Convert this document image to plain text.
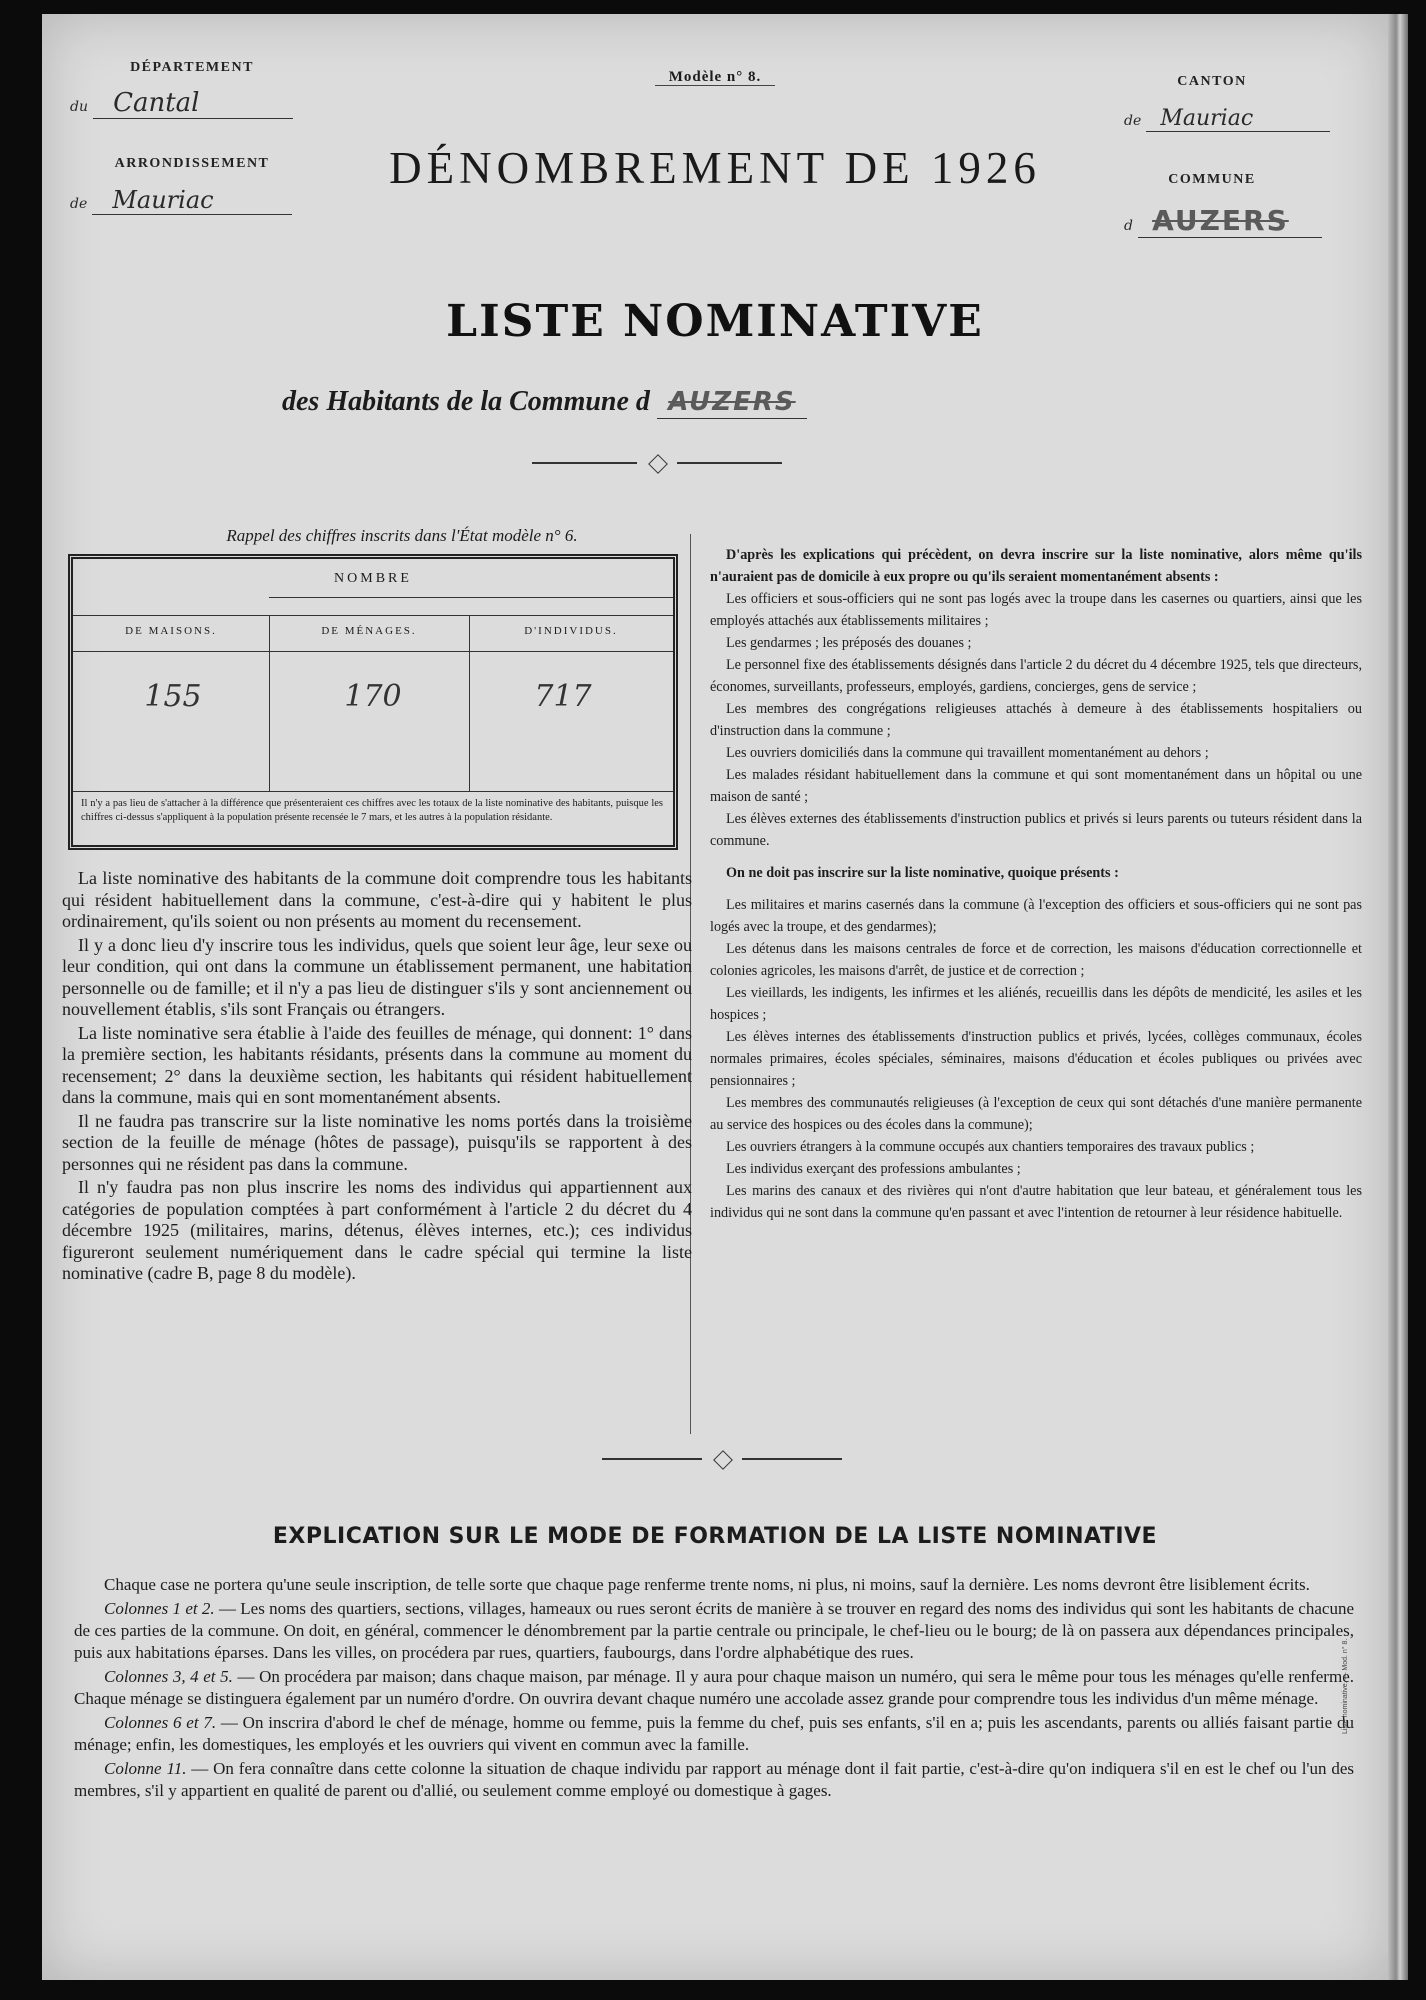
DÉPARTEMENT
du Cantal
ARRONDISSEMENT
de Mauriac
Modèle n° 8.	CANTON
de Mauriac
COMMUNE
d AUZERS
DÉNOMBREMENT DE 1926
LISTE NOMINATIVE
des Habitants de la Commune d AUZERS
Rappel des chiffres inscrits dans l'État modèle n° 6.
NOMBRE
DE MAISONS.	DE MÉNAGES.	D'INDIVIDUS.
155	170	717
Il n'y a pas lieu de s'attacher à la différence que présenteraient ces chiffres avec les totaux de la liste nominative des habitants, puisque les chiffres ci-dessus s'appliquent à la population présente recensée le 7 mars, et les autres à la population résidante.

La liste nominative des habitants de la commune doit comprendre tous les habitants qui résident habituellement dans la commune, c'est-à-dire qui y habitent le plus ordinairement, qu'ils soient ou non présents au moment du recensement.

Il y a donc lieu d'y inscrire tous les individus, quels que soient leur âge, leur sexe ou leur condition, qui ont dans la commune un établissement permanent, une habitation personnelle ou de famille; et il n'y a pas lieu de distinguer s'ils y sont anciennement ou nouvellement établis, s'ils sont Français ou étrangers.

La liste nominative sera établie à l'aide des feuilles de ménage, qui donnent: 1° dans la première section, les habitants résidants, présents dans la commune au moment du recensement; 2° dans la deuxième section, les habitants qui résident habituellement dans la commune, mais qui en sont momentanément absents.

Il ne faudra pas transcrire sur la liste nominative les noms portés dans la troisième section de la feuille de ménage (hôtes de passage), puisqu'ils se rapportent à des personnes qui ne résident pas dans la commune.

Il n'y faudra pas non plus inscrire les noms des individus qui appartiennent aux catégories de population comptées à part conformément à l'article 2 du décret du 4 décembre 1925 (militaires, marins, détenus, élèves internes, etc.); ces individus figureront seulement numériquement dans le cadre spécial qui termine la liste nominative (cadre B, page 8 du modèle).

D'après les explications qui précèdent, on devra inscrire sur la liste nominative, alors même qu'ils n'auraient pas de domicile à eux propre ou qu'ils seraient momentanément absents :

Les officiers et sous-officiers qui ne sont pas logés avec la troupe dans les casernes ou quartiers, ainsi que les employés attachés aux établissements militaires ;

Les gendarmes ; les préposés des douanes ;

Le personnel fixe des établissements désignés dans l'article 2 du décret du 4 décembre 1925, tels que directeurs, économes, surveillants, professeurs, employés, gardiens, concierges, gens de service ;

Les membres des congrégations religieuses attachés à demeure à des établissements hospitaliers ou d'instruction dans la commune ;

Les ouvriers domiciliés dans la commune qui travaillent momentanément au dehors ;

Les malades résidant habituellement dans la commune et qui sont momentanément dans un hôpital ou une maison de santé ;

Les élèves externes des établissements d'instruction publics et privés si leurs parents ou tuteurs résident dans la commune.

On ne doit pas inscrire sur la liste nominative, quoique présents :

Les militaires et marins casernés dans la commune (à l'exception des officiers et sous-officiers qui ne sont pas logés avec la troupe, et des gendarmes);

Les détenus dans les maisons centrales de force et de correction, les maisons d'éducation correctionnelle et colonies agricoles, les maisons d'arrêt, de justice et de correction ;

Les vieillards, les indigents, les infirmes et les aliénés, recueillis dans les dépôts de mendicité, les asiles et les hospices ;

Les élèves internes des établissements d'instruction publics et privés, lycées, collèges communaux, écoles normales primaires, écoles spéciales, séminaires, maisons d'éducation et écoles publiques ou privées avec pensionnaires ;

Les membres des communautés religieuses (à l'exception de ceux qui sont détachés d'une manière permanente au service des hospices ou des écoles dans la commune);

Les ouvriers étrangers à la commune occupés aux chantiers temporaires des travaux publics ;

Les individus exerçant des professions ambulantes ;

Les marins des canaux et des rivières qui n'ont d'autre habitation que leur bateau, et généralement tous les individus qui ne sont dans la commune qu'en passant et avec l'intention de retourner à leur résidence habituelle.

EXPLICATION SUR LE MODE DE FORMATION DE LA LISTE NOMINATIVE

Chaque case ne portera qu'une seule inscription, de telle sorte que chaque page renferme trente noms, ni plus, ni moins, sauf la dernière. Les noms devront être lisiblement écrits.

Colonnes 1 et 2. — Les noms des quartiers, sections, villages, hameaux ou rues seront écrits de manière à se trouver en regard des noms des individus qui sont les habitants de chacune de ces parties de la commune. On doit, en général, commencer le dénombrement par la partie centrale ou principale, le chef-lieu ou le bourg; de là on passera aux dépendances principales, puis aux habitations éparses. Dans les villes, on procédera par rues, quartiers, faubourgs, dans l'ordre alphabétique des rues.

Colonnes 3, 4 et 5. — On procédera par maison; dans chaque maison, par ménage. Il y aura pour chaque maison un numéro, qui sera le même pour tous les ménages qu'elle renferme. Chaque ménage se distinguera également par un numéro d'ordre. On ouvrira devant chaque numéro une accolade assez grande pour comprendre tous les individus d'un même ménage.

Colonnes 6 et 7. — On inscrira d'abord le chef de ménage, homme ou femme, puis la femme du chef, puis ses enfants, s'il en a; puis les ascendants, parents ou alliés faisant partie du ménage; enfin, les domestiques, les employés et les ouvriers qui vivent en commun avec la famille.

Colonne 11. — On fera connaître dans cette colonne la situation de chaque individu par rapport au ménage dont il fait partie, c'est-à-dire qu'on indiquera s'il en est le chef ou l'un des membres, s'il y appartient en qualité de parent ou d'allié, ou seulement comme employé ou domestique à gages.

Liste nominative. — Mod. n° 8.
